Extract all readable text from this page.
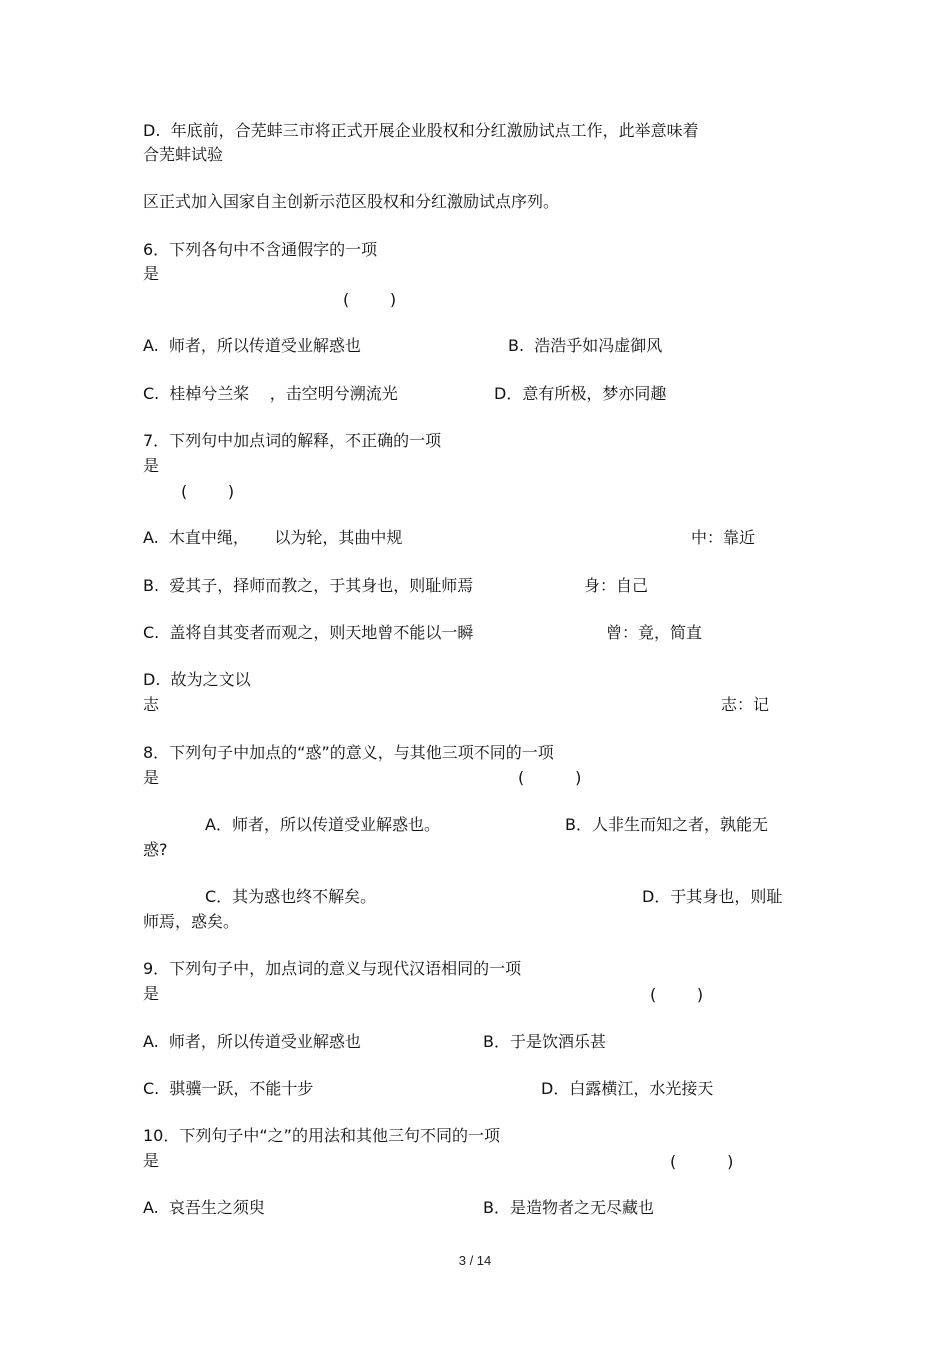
D.  年底前，合芜蚌三市将正式开展企业股权和分红激励试点工作，此举意味着
合芜蚌试验
区正式加入国家自主创新示范区股权和分红激励试点序列。
6．下列各句中不含通假字的一项
是
(        )
A.  师者，所以传道受业解惑也	B.  浩浩乎如冯虚御风
C.  桂棹兮兰桨    ，击空明兮溯流光	D．意有所极，梦亦同趣
7．下列句中加点词的解释，不正确的一项
是
(        )
A.  木直中绳，     以为轮，其曲中规	中：靠近
B.  爱其子，择师而教之，于其身也，则耻师焉	身：自己
C.  盖将自其变者而观之，则天地曾不能以一瞬	曾：竟，简直
D.  故为之文以
志	志：记
8．下列句子中加点的“惑”的意义，与其他三项不同的一项
是	(          )
A．师者，所以传道受业解惑也。	B．人非生而知之者，孰能无
惑?
C．其为惑也终不解矣。	D．于其身也，则耻
师焉，惑矣。
9．下列句子中，加点词的意义与现代汉语相同的一项
是	(        )
A.  师者，所以传道受业解惑也	B．于是饮酒乐甚
C.  骐骥一跃，不能十步	D．白露横江，水光接天
10．下列句子中“之”的用法和其他三句不同的一项
是	(          )
A.  哀吾生之须臾	B．是造物者之无尽藏也
3 / 14
